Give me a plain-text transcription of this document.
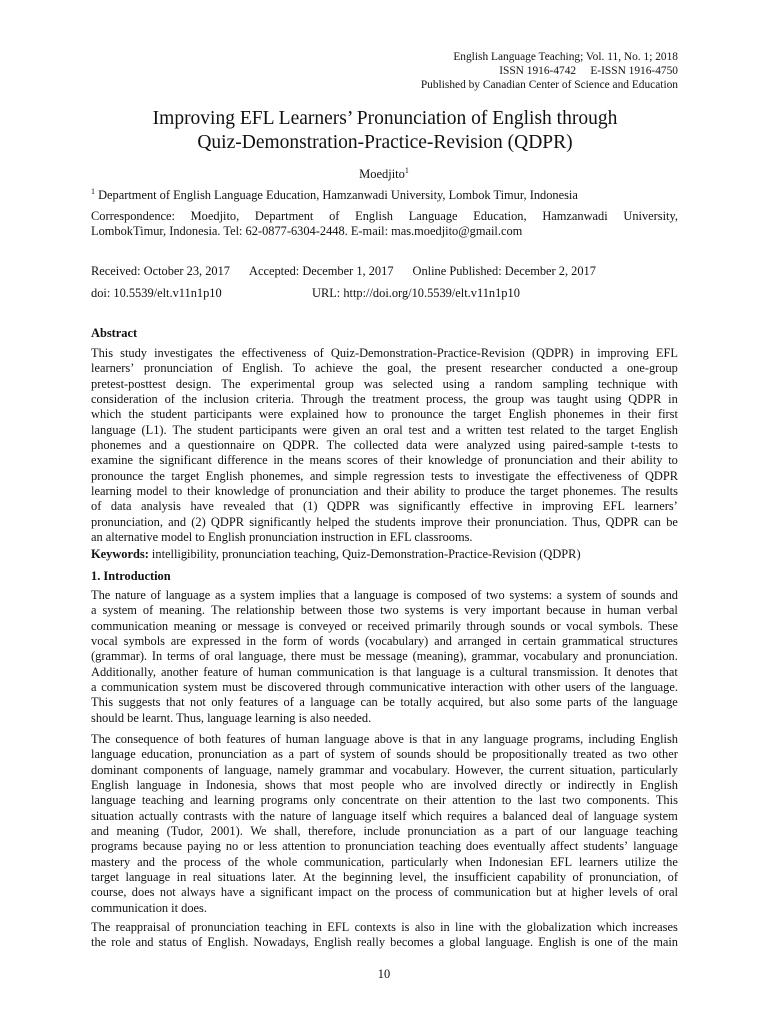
English Language Teaching; Vol. 11, No. 1; 2018
ISSN 1916-4742     E-ISSN 1916-4750
Published by Canadian Center of Science and Education
Improving EFL Learners’ Pronunciation of English through
Quiz-Demonstration-Practice-Revision (QDPR)
Moedjito$^1$
$^1$ Department of English Language Education, Hamzanwadi University, Lombok Timur, Indonesia
Correspondence: Moedjito, Department of English Language Education, Hamzanwadi University,
LombokTimur, Indonesia. Tel: 62-0877-6304-2448. E-mail: mas.moedjito@gmail.com
Received: October 23, 2017 Accepted: December 1, 2017 Online Published: December 2, 2017
doi: 10.5539/elt.v11n1p10	URL: http://doi.org/10.5539/elt.v11n1p10
Abstract
This study investigates the effectiveness of Quiz-Demonstration-Practice-Revision (QDPR) in improving EFL
learners’ pronunciation of English. To achieve the goal, the present researcher conducted a one-group
pretest-posttest design. The experimental group was selected using a random sampling technique with
consideration of the inclusion criteria. Through the treatment process, the group was taught using QDPR in
which the student participants were explained how to pronounce the target English phonemes in their first
language (L1). The student participants were given an oral test and a written test related to the target English
phonemes and a questionnaire on QDPR. The collected data were analyzed using paired-sample t-tests to
examine the significant difference in the means scores of their knowledge of pronunciation and their ability to
pronounce the target English phonemes, and simple regression tests to investigate the effectiveness of QDPR
learning model to their knowledge of pronunciation and their ability to produce the target phonemes. The results
of data analysis have revealed that (1) QDPR was significantly effective in improving EFL learners’
pronunciation, and (2) QDPR significantly helped the students improve their pronunciation. Thus, QDPR can be
an alternative model to English pronunciation instruction in EFL classrooms.
Keywords: intelligibility, pronunciation teaching, Quiz-Demonstration-Practice-Revision (QDPR)
1. Introduction
The nature of language as a system implies that a language is composed of two systems: a system of sounds and
a system of meaning. The relationship between those two systems is very important because in human verbal
communication meaning or message is conveyed or received primarily through sounds or vocal symbols. These
vocal symbols are expressed in the form of words (vocabulary) and arranged in certain grammatical structures
(grammar). In terms of oral language, there must be message (meaning), grammar, vocabulary and pronunciation.
Additionally, another feature of human communication is that language is a cultural transmission. It denotes that
a communication system must be discovered through communicative interaction with other users of the language.
This suggests that not only features of a language can be totally acquired, but also some parts of the language
should be learnt. Thus, language learning is also needed.
The consequence of both features of human language above is that in any language programs, including English
language education, pronunciation as a part of system of sounds should be propositionally treated as two other
dominant components of language, namely grammar and vocabulary. However, the current situation, particularly
English language in Indonesia, shows that most people who are involved directly or indirectly in English
language teaching and learning programs only concentrate on their attention to the last two components. This
situation actually contrasts with the nature of language itself which requires a balanced deal of language system
and meaning (Tudor, 2001). We shall, therefore, include pronunciation as a part of our language teaching
programs because paying no or less attention to pronunciation teaching does eventually affect students’ language
mastery and the process of the whole communication, particularly when Indonesian EFL learners utilize the
target language in real situations later. At the beginning level, the insufficient capability of pronunciation, of
course, does not always have a significant impact on the process of communication but at higher levels of oral
communication it does.
The reappraisal of pronunciation teaching in EFL contexts is also in line with the globalization which increases
the role and status of English. Nowadays, English really becomes a global language. English is one of the main
10
